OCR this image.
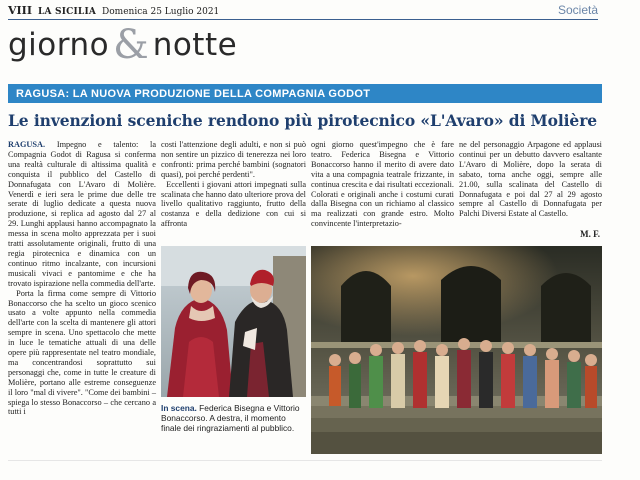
VIII LA SICILIA Domenica 25 Luglio 2021	Società
giorno & notte
RAGUSA: LA NUOVA PRODUZIONE DELLA COMPAGNIA GODOT
Le invenzioni sceniche rendono più pirotecnico «L'Avaro» di Molière

RAGUSA. Impegno e talento: la Compagnia Godot di Ragusa si conferma una realtà culturale di altissima qualità e conquista il pubblico del Castello di Donnafugata con L'Avaro di Molière. Venerdì e ieri sera le prime due delle tre serate di luglio dedicate a questa nuova produzione, si replica ad agosto dal 27 al 29. Lunghi applausi hanno accompagnato la messa in scena molto apprezzata per i suoi tratti assolutamente originali, frutto di una regia pirotecnica e dinamica con un continuo ritmo incalzante, con incursioni musicali vivaci e pantomime e che ha trovato ispirazione nella commedia dell'arte.

Porta la firma come sempre di Vittorio Bonaccorso che ha scelto un gioco scenico usato a volte appunto nella commedia dell'arte con la scelta di mantenere gli attori sempre in scena. Uno spettacolo che mette in luce le tematiche attuali di una delle opere più rappresentate nel teatro mondiale, ma concentrandosi soprattutto sui personaggi che, come in tutte le creature di Molière, portano alle estreme conseguenze il loro "mal di vivere". "Come dei bambini – spiega lo stesso Bonaccorso – che cercano a tutti i

costi l'attenzione degli adulti, e non si può non sentire un pizzico di tenerezza nei loro confronti: prima perché bambini (sognatori quasi), poi perché perdenti".

Eccellenti i giovani attori impegnati sulla scalinata che hanno dato ulteriore prova del livello qualitativo raggiunto, frutto della costanza e della dedizione con cui si affronta

ogni giorno quest'impegno che è fare teatro. Federica Bisegna e Vittorio Bonaccorso hanno il merito di avere dato vita a una compagnia teatrale frizzante, in continua crescita e dai risultati eccezionali. Colorati e originali anche i costumi curati dalla Bisegna con un richiamo al classico ma realizzati con grande estro. Molto convincente l'interpretazio-

ne del personaggio Arpagone ed applausi continui per un debutto davvero esaltante L'Avaro di Molière, dopo la serata di sabato, torna anche oggi, sempre alle 21.00, sulla scalinata del Castello di Donnafugata e poi dal 27 al 29 agosto sempre al Castello di Donnafugata per Palchi Diversi Estate al Castello.

M. F.
In scena. Federica Bisegna e Vittorio Bonaccorso. A destra, il momento finale dei ringraziamenti al pubblico.
